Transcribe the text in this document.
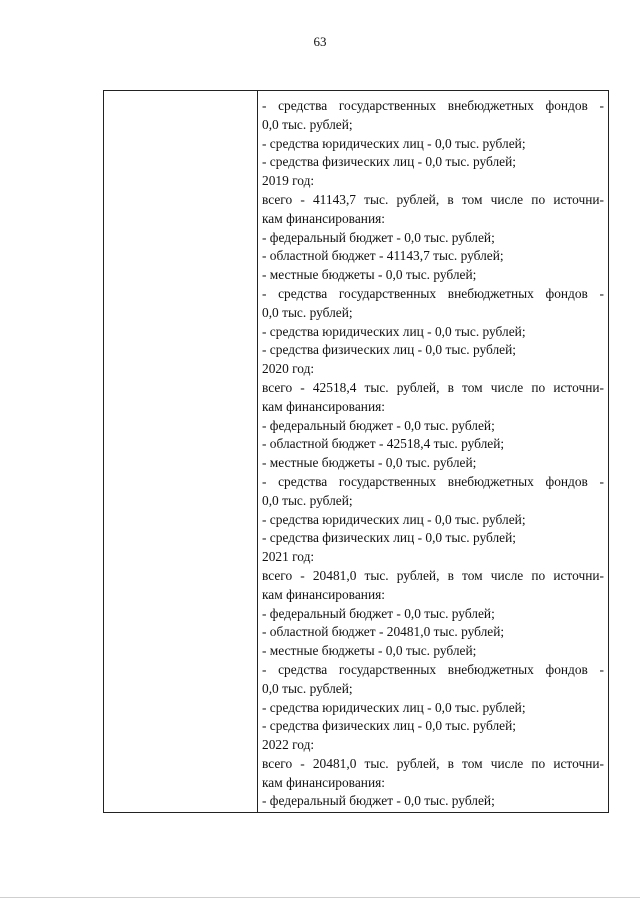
63
- средства государственных внебюджетных фондов -
0,0 тыс. рублей;
- средства юридических лиц - 0,0 тыс. рублей;
- средства физических лиц - 0,0 тыс. рублей;
2019 год:
всего - 41143,7 тыс. рублей, в том числе по источни-
кам финансирования:
- федеральный бюджет - 0,0 тыс. рублей;
- областной бюджет - 41143,7 тыс. рублей;
- местные бюджеты - 0,0 тыс. рублей;
- средства государственных внебюджетных фондов -
0,0 тыс. рублей;
- средства юридических лиц - 0,0 тыс. рублей;
- средства физических лиц - 0,0 тыс. рублей;
2020 год:
всего - 42518,4 тыс. рублей, в том числе по источни-
кам финансирования:
- федеральный бюджет - 0,0 тыс. рублей;
- областной бюджет - 42518,4 тыс. рублей;
- местные бюджеты - 0,0 тыс. рублей;
- средства государственных внебюджетных фондов -
0,0 тыс. рублей;
- средства юридических лиц - 0,0 тыс. рублей;
- средства физических лиц - 0,0 тыс. рублей;
2021 год:
всего - 20481,0 тыс. рублей, в том числе по источни-
кам финансирования:
- федеральный бюджет - 0,0 тыс. рублей;
- областной бюджет - 20481,0 тыс. рублей;
- местные бюджеты - 0,0 тыс. рублей;
- средства государственных внебюджетных фондов -
0,0 тыс. рублей;
- средства юридических лиц - 0,0 тыс. рублей;
- средства физических лиц - 0,0 тыс. рублей;
2022 год:
всего - 20481,0 тыс. рублей, в том числе по источни-
кам финансирования:
- федеральный бюджет - 0,0 тыс. рублей;
